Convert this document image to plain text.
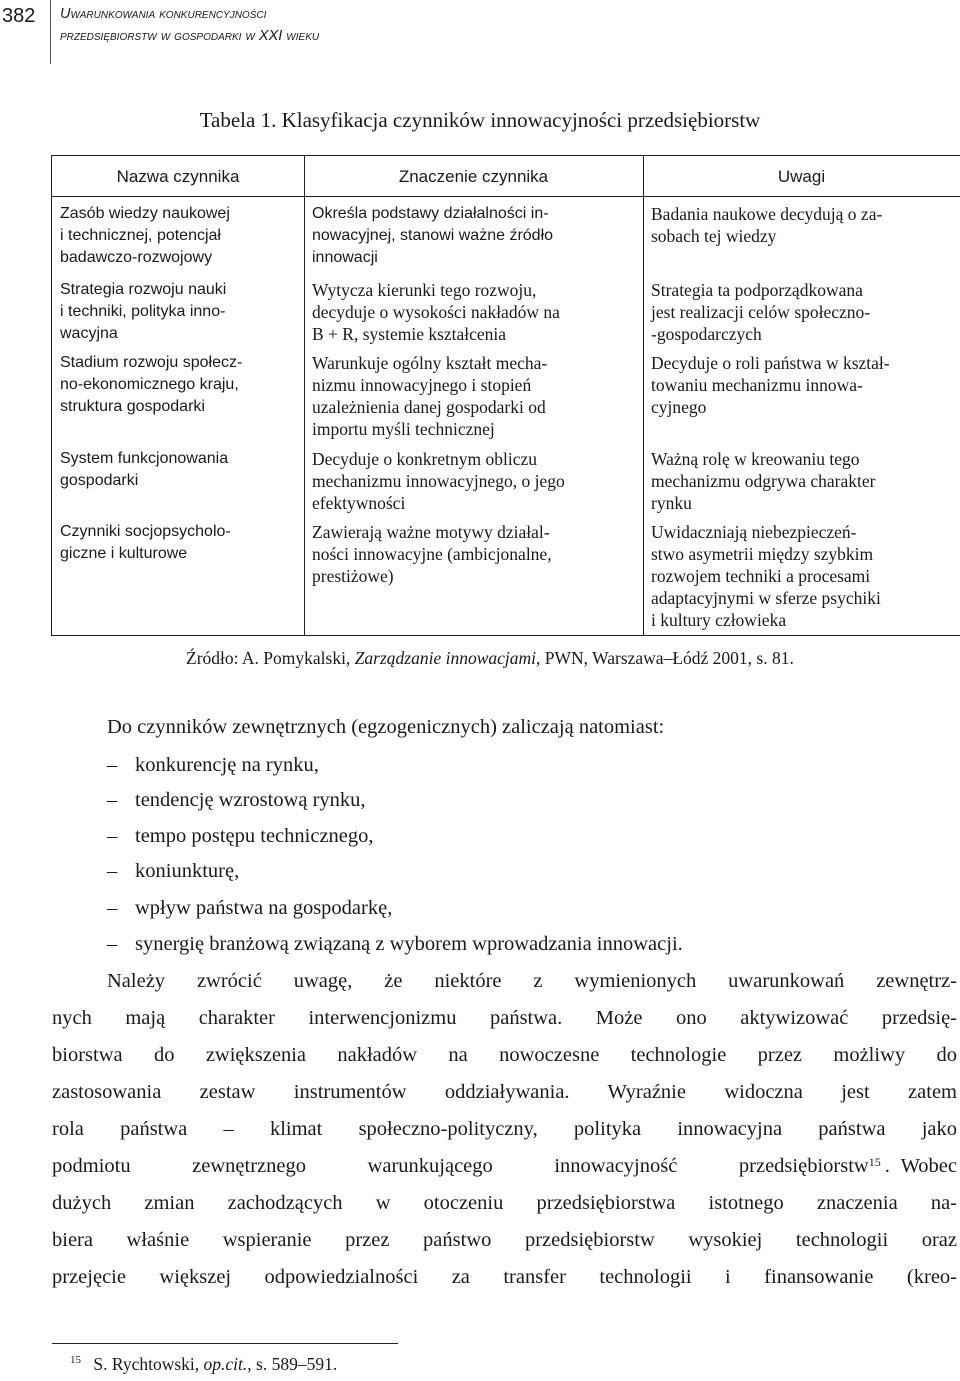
382 Uwarunkowania konkurencyjności
przedsiębiorstw w gospodarki w XXI wieku
Tabela 1. Klasyfikacja czynników innowacyjności przedsiębiorstw
Nazwa czynnika	Znaczenie czynnika	Uwagi
Zasób wiedzy naukowej
i technicznej, potencjał
badawczo-rozwojowy
Określa podstawy działalności in-
nowacyjnej, stanowi ważne źródło
innowacji
Badania naukowe decydują o za-
sobach tej wiedzy
Strategia rozwoju nauki
i techniki, polityka inno-
wacyjna
Wytycza kierunki tego rozwoju,
decyduje o wysokości nakładów na
B + R, systemie kształcenia
Strategia ta podporządkowana
jest realizacji celów społeczno-
-gospodarczych
Stadium rozwoju społecz-
no-ekonomicznego kraju,
struktura gospodarki
Warunkuje ogólny kształt mecha-
nizmu innowacyjnego i stopień
uzależnienia danej gospodarki od
importu myśli technicznej
Decyduje o roli państwa w kształ-
towaniu mechanizmu innowa-
cyjnego
System funkcjonowania
gospodarki
Decyduje o konkretnym obliczu
mechanizmu innowacyjnego, o jego
efektywności
Ważną rolę w kreowaniu tego
mechanizmu odgrywa charakter
rynku
Czynniki socjopsycholo-
giczne i kulturowe
Zawierają ważne motywy działal-
ności innowacyjne (ambicjonalne,
prestiżowe)
Uwidaczniają niebezpieczeń-
stwo asymetrii między szybkim
rozwojem techniki a procesami
adaptacyjnymi w sferze psychiki
i kultury człowieka
Źródło: A. Pomykalski, Zarządzanie innowacjami, PWN, Warszawa–Łódź 2001, s. 81.
Do czynników zewnętrznych (egzogenicznych) zaliczają natomiast:
– konkurencję na rynku,
– tendencję wzrostową rynku,
– tempo postępu technicznego,
– koniunkturę,
– wpływ państwa na gospodarkę,
– synergię branżową związaną z wyborem wprowadzania innowacji.
Należy zwrócić uwagę, że niektóre z wymienionych uwarunkowań zewnętrz-
nych mają charakter interwencjonizmu państwa. Może ono aktywizować przedsię-
biorstwa do zwiększenia nakładów na nowoczesne technologie przez możliwy do
zastosowania zestaw instrumentów oddziaływania. Wyraźnie widoczna jest zatem
rola państwa – klimat społeczno-polityczny, polityka innowacyjna państwa jako
podmiotu zewnętrznego warunkującego innowacyjność przedsiębiorstw 15 . Wobec
dużych zmian zachodzących w otoczeniu przedsiębiorstwa istotnego znaczenia na-
biera właśnie wspieranie przez państwo przedsiębiorstw wysokiej technologii oraz
przejęcie większej odpowiedzialności za transfer technologii i finansowanie (kreo-
$^{15}$ S. Rychtowski, op.cit., s. 589–591.
